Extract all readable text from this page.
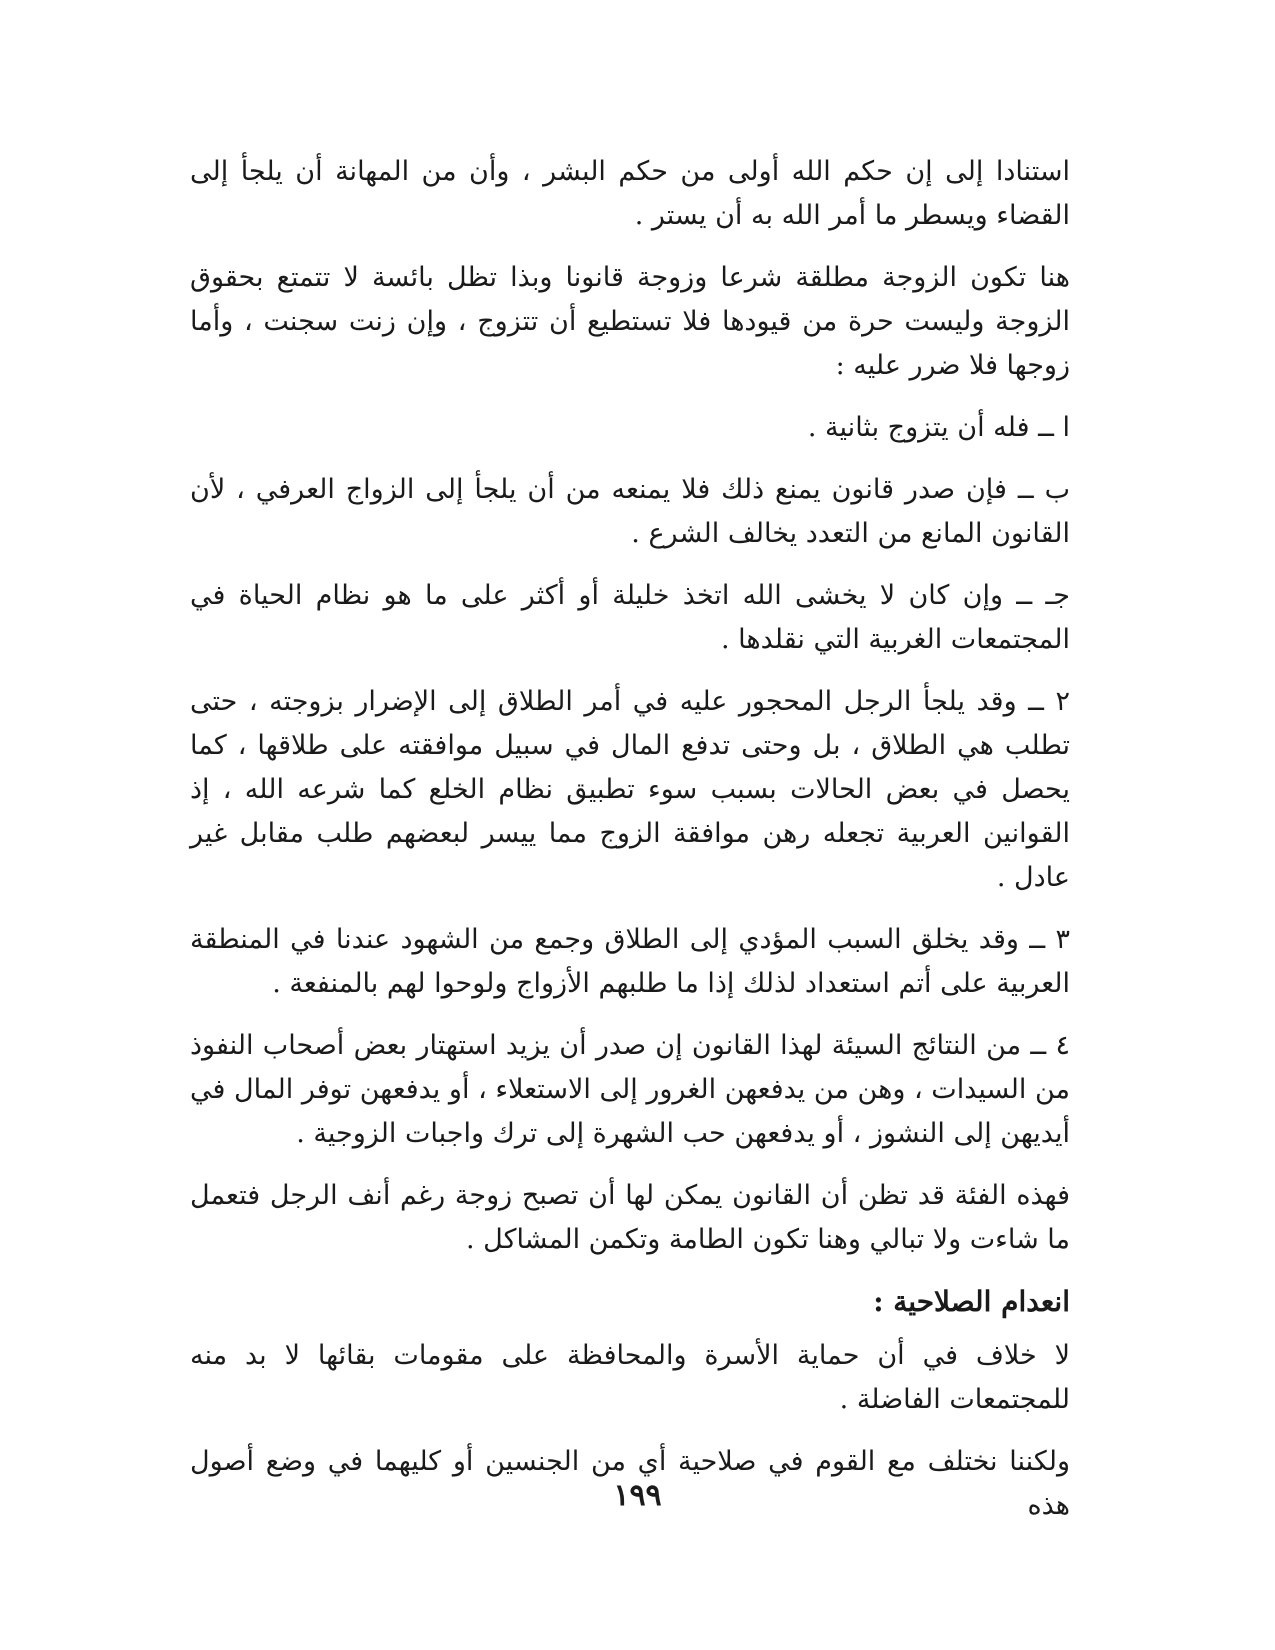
استنادا إلى إن حكم الله أولى من حكم البشر ، وأن من المهانة أن يلجأ إلى القضاء ويسطر ما أمر الله به أن يستر .

هنا تكون الزوجة مطلقة شرعا وزوجة قانونا وبذا تظل بائسة لا تتمتع بحقوق الزوجة وليست حرة من قيودها فلا تستطيع أن تتزوج ، وإن زنت سجنت ، وأما زوجها فلا ضرر عليه :

ا ــ فله أن يتزوج بثانية .

ب ــ فإن صدر قانون يمنع ذلك فلا يمنعه من أن يلجأ إلى الزواج العرفي ، لأن القانون المانع من التعدد يخالف الشرع .

جـ ــ وإن كان لا يخشى الله اتخذ خليلة أو أكثر على ما هو نظام الحياة في المجتمعات الغربية التي نقلدها .

٢ ــ وقد يلجأ الرجل المحجور عليه في أمر الطلاق إلى الإضرار بزوجته ، حتى تطلب هي الطلاق ، بل وحتى تدفع المال في سبيل موافقته على طلاقها ، كما يحصل في بعض الحالات بسبب سوء تطبيق نظام الخلع كما شرعه الله ، إذ القوانين العربية تجعله رهن موافقة الزوج مما ييسر لبعضهم طلب مقابل غير عادل .

٣ ــ وقد يخلق السبب المؤدي إلى الطلاق وجمع من الشهود عندنا في المنطقة العربية على أتم استعداد لذلك إذا ما طلبهم الأزواج ولوحوا لهم بالمنفعة .

٤ ــ من النتائج السيئة لهذا القانون إن صدر أن يزيد استهتار بعض أصحاب النفوذ من السيدات ، وهن من يدفعهن الغرور إلى الاستعلاء ، أو يدفعهن توفر المال في أيديهن إلى النشوز ، أو يدفعهن حب الشهرة إلى ترك واجبات الزوجية .

فهذه الفئة قد تظن أن القانون يمكن لها أن تصبح زوجة رغم أنف الرجل فتعمل ما شاءت ولا تبالي وهنا تكون الطامة وتكمن المشاكل .

انعدام الصلاحية :

لا خلاف في أن حماية الأسرة والمحافظة على مقومات بقائها لا بد منه للمجتمعات الفاضلة .

ولكننا نختلف مع القوم في صلاحية أي من الجنسين أو كليهما في وضع أصول هذه

١٩٩
